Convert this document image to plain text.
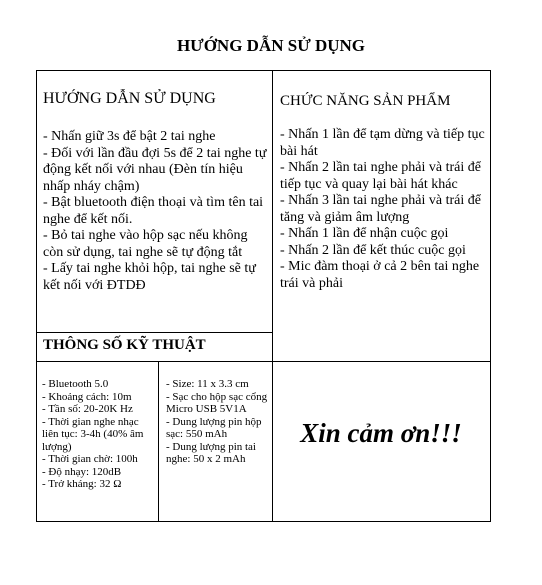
HƯỚNG DẪN SỬ DỤNG
HƯỚNG DẪN SỬ DỤNG
- Nhấn giữ 3s để bật 2 tai nghe
- Đối với lần đầu đợi 5s để 2 tai nghe tự động kết nối với nhau (Đèn tín hiệu nhấp nháy chậm)
- Bật bluetooth điện thoại và tìm tên tai nghe để kết nối.
- Bỏ tai nghe vào hộp sạc nếu không còn sử dụng, tai nghe sẽ tự động tắt
- Lấy tai nghe khỏi hộp, tai nghe sẽ tự kết nối với ĐTDĐ
CHỨC NĂNG SẢN PHẨM
- Nhấn 1 lần để tạm dừng và tiếp tục bài hát
- Nhấn 2 lần tai nghe phải và trái để tiếp tục và quay lại bài hát khác
- Nhấn 3 lần tai nghe phải và trái để tăng và giảm âm lượng
- Nhấn 1 lần để nhận cuộc gọi
- Nhấn 2 lần để kết thúc cuộc gọi
- Mic đàm thoại ở cả 2 bên tai nghe trái và phải
THÔNG SỐ KỸ THUẬT
- Bluetooth 5.0
- Khoảng cách: 10m
- Tần số: 20-20K Hz
- Thời gian nghe nhạc liên tục: 3-4h (40% âm lượng)
- Thời gian chờ: 100h
- Độ nhạy: 120dB
- Trở kháng: 32 Ω
- Size: 11 x 3.3 cm
- Sạc cho hộp sạc cổng Micro USB 5V1A
- Dung lượng pin hộp sạc: 550 mAh
- Dung lượng pin tai nghe: 50 x 2 mAh
Xin cảm ơn!!!
